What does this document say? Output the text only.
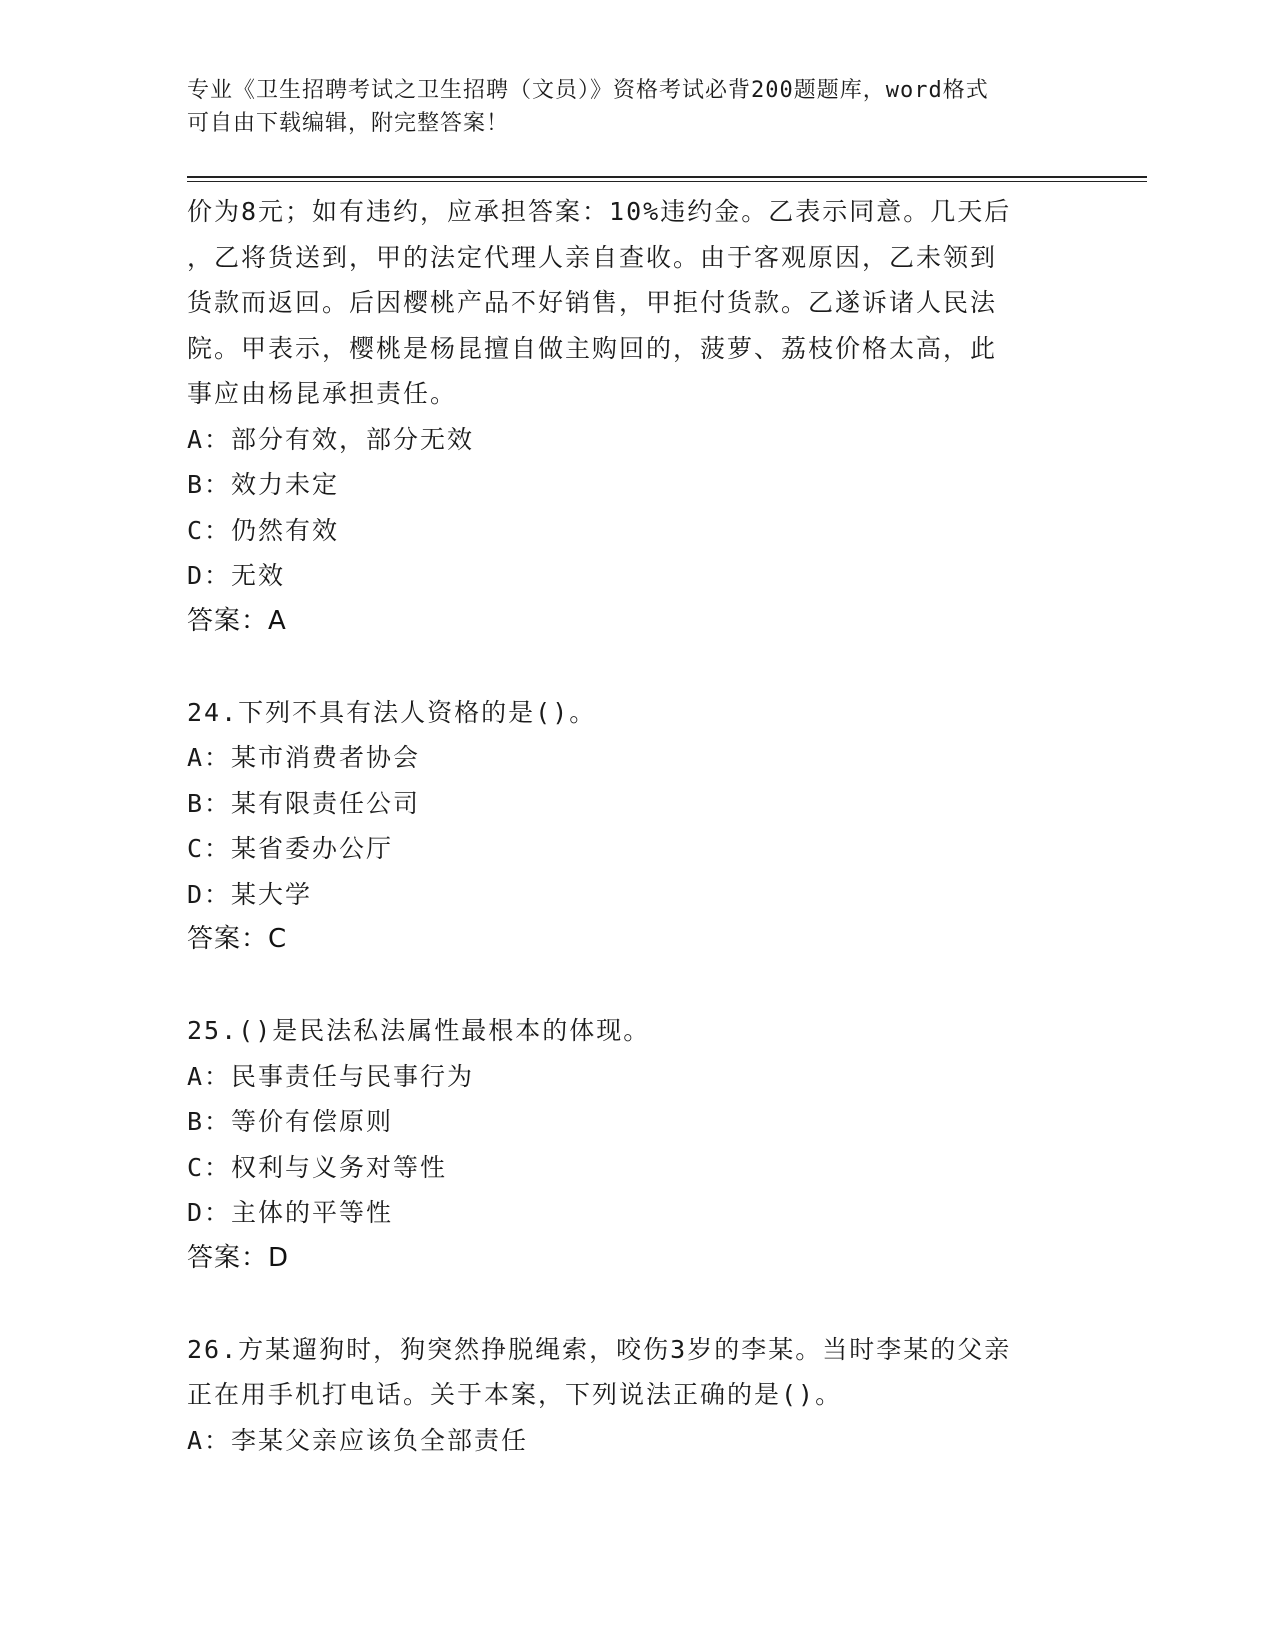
专业《卫生招聘考试之卫生招聘（文员）》资格考试必背200题题库，word格式
可自由下载编辑，附完整答案！
价为8元；如有违约，应承担答案：10%违约金。乙表示同意。几天后
，乙将货送到，甲的法定代理人亲自查收。由于客观原因，乙未领到
货款而返回。后因樱桃产品不好销售，甲拒付货款。乙遂诉诸人民法
院。甲表示，樱桃是杨昆擅自做主购回的，菠萝、荔枝价格太高，此
事应由杨昆承担责任。
A：部分有效，部分无效
B：效力未定
C：仍然有效
D：无效
答案：A
24.下列不具有法人资格的是()。
A：某市消费者协会
B：某有限责任公司
C：某省委办公厅
D：某大学
答案：C
25.()是民法私法属性最根本的体现。
A：民事责任与民事行为
B：等价有偿原则
C：权利与义务对等性
D：主体的平等性
答案：D
26.方某遛狗时，狗突然挣脱绳索，咬伤3岁的李某。当时李某的父亲
正在用手机打电话。关于本案，下列说法正确的是()。
A：李某父亲应该负全部责任
